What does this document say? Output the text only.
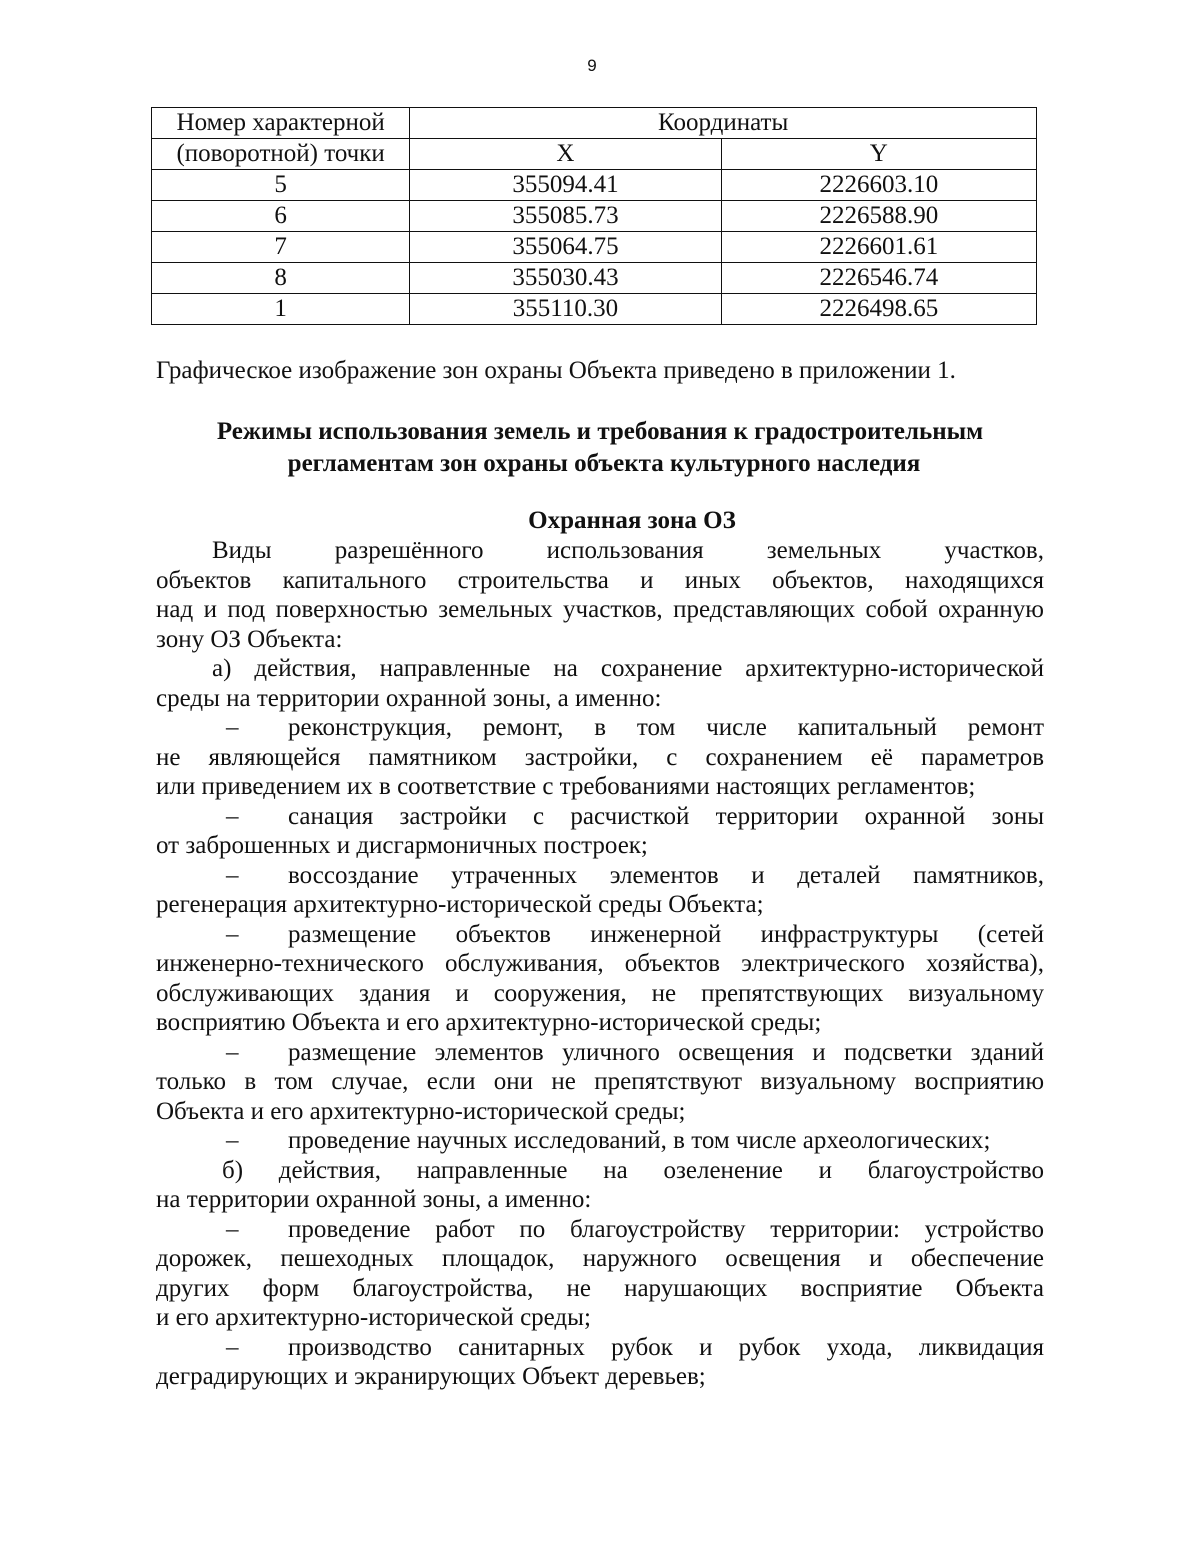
9
Номер характерной	Координаты	
(поворотной) точки	X	Y
5	355094.41	2226603.10
6	355085.73	2226588.90
7	355064.75	2226601.61
8	355030.43	2226546.74
1	355110.30	2226498.65

Графическое изображение зон охраны Объекта приведено в приложении 1.

Режимы использования земель и требования к градостроительным
регламентам зон охраны объекта культурного наследия
Охранная зона ОЗ
Виды разрешённого использования земельных участков,
объектов капитального строительства и иных объектов, находящихся
над и под поверхностью земельных участков, представляющих собой охранную
зону ОЗ Объекта:
а) действия, направленные на сохранение архитектурно-исторической
среды на территории охранной зоны, а именно:
–	реконструкция, ремонт, в том числе капитальный ремонт
не являющейся памятником застройки, с сохранением её параметров
или приведением их в соответствие с требованиями настоящих регламентов;
–	санация застройки с расчисткой территории охранной зоны
от заброшенных и дисгармоничных построек;
–	воссоздание утраченных элементов и деталей памятников,
регенерация архитектурно-исторической среды Объекта;
–	размещение объектов инженерной инфраструктуры (сетей
инженерно-технического обслуживания, объектов электрического хозяйства),
обслуживающих здания и сооружения, не препятствующих визуальному
восприятию Объекта и его архитектурно-исторической среды;
–	размещение элементов уличного освещения и подсветки зданий
только в том случае, если они не препятствуют визуальному восприятию
Объекта и его архитектурно-исторической среды;
–	проведение научных исследований, в том числе археологических;
б) действия, направленные на озеленение и благоустройство
на территории охранной зоны, а именно:
–	проведение работ по благоустройству территории: устройство
дорожек, пешеходных площадок, наружного освещения и обеспечение
других форм благоустройства, не нарушающих восприятие Объекта
и его архитектурно-исторической среды;
–	производство санитарных рубок и рубок ухода, ликвидация
деградирующих и экранирующих Объект деревьев;
